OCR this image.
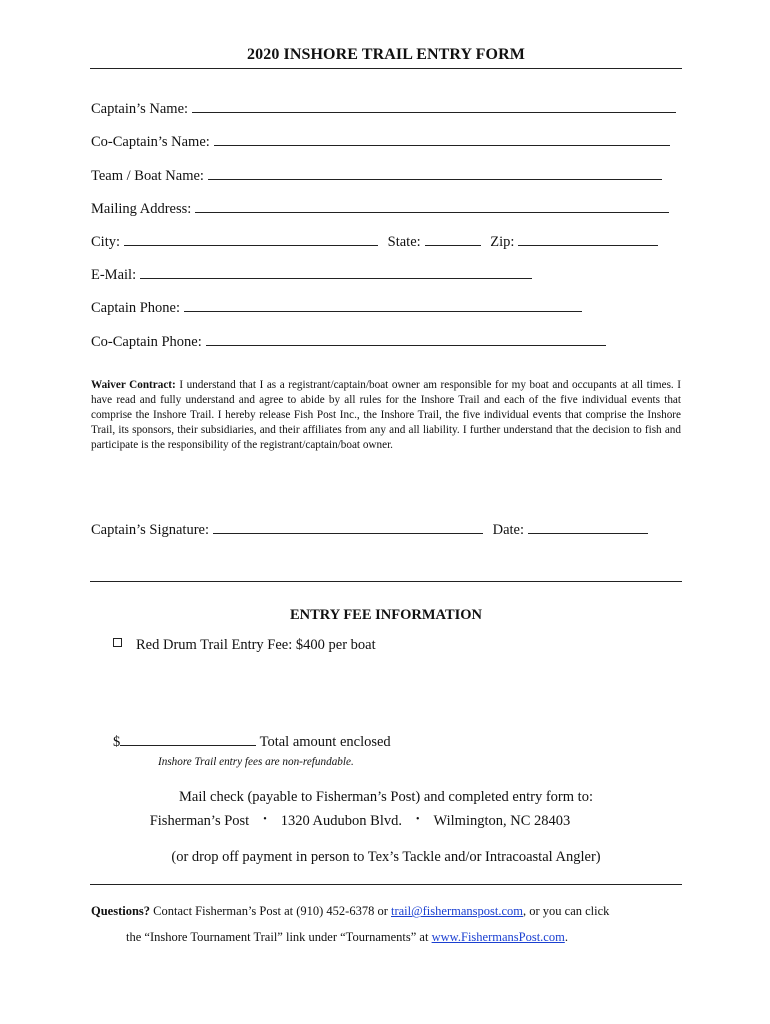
2020 INSHORE TRAIL ENTRY FORM
Captain’s Name:
Co-Captain’s Name:
Team / Boat Name:
Mailing Address:
City:	State:	Zip:
E-Mail:
Captain Phone:
Co-Captain Phone:
Waiver Contract: I understand that I as a registrant/captain/boat owner am responsible for my boat and occupants at all times. I have read and fully understand and agree to abide by all rules for the Inshore Trail and each of the five individual events that comprise the Inshore Trail. I hereby release Fish Post Inc., the Inshore Trail, the five individual events that comprise the Inshore Trail, its sponsors, their subsidiaries, and their affiliates from any and all liability. I further understand that the decision to fish and participate is the responsibility of the registrant/captain/boat owner.
Captain’s Signature:	Date:
ENTRY FEE INFORMATION
Red Drum Trail Entry Fee: $400 per boat
$	Total amount enclosed
Inshore Trail entry fees are non-refundable.
Mail check (payable to Fisherman’s Post) and completed entry form to:
Fisherman’s Post • 1320 Audubon Blvd. • Wilmington, NC 28403
(or drop off payment in person to Tex’s Tackle and/or Intracoastal Angler)
Questions? Contact Fisherman’s Post at (910) 452-6378 or trail@fishermanspost.com, or you can click
the “Inshore Tournament Trail” link under “Tournaments” at www.FishermansPost.com.
